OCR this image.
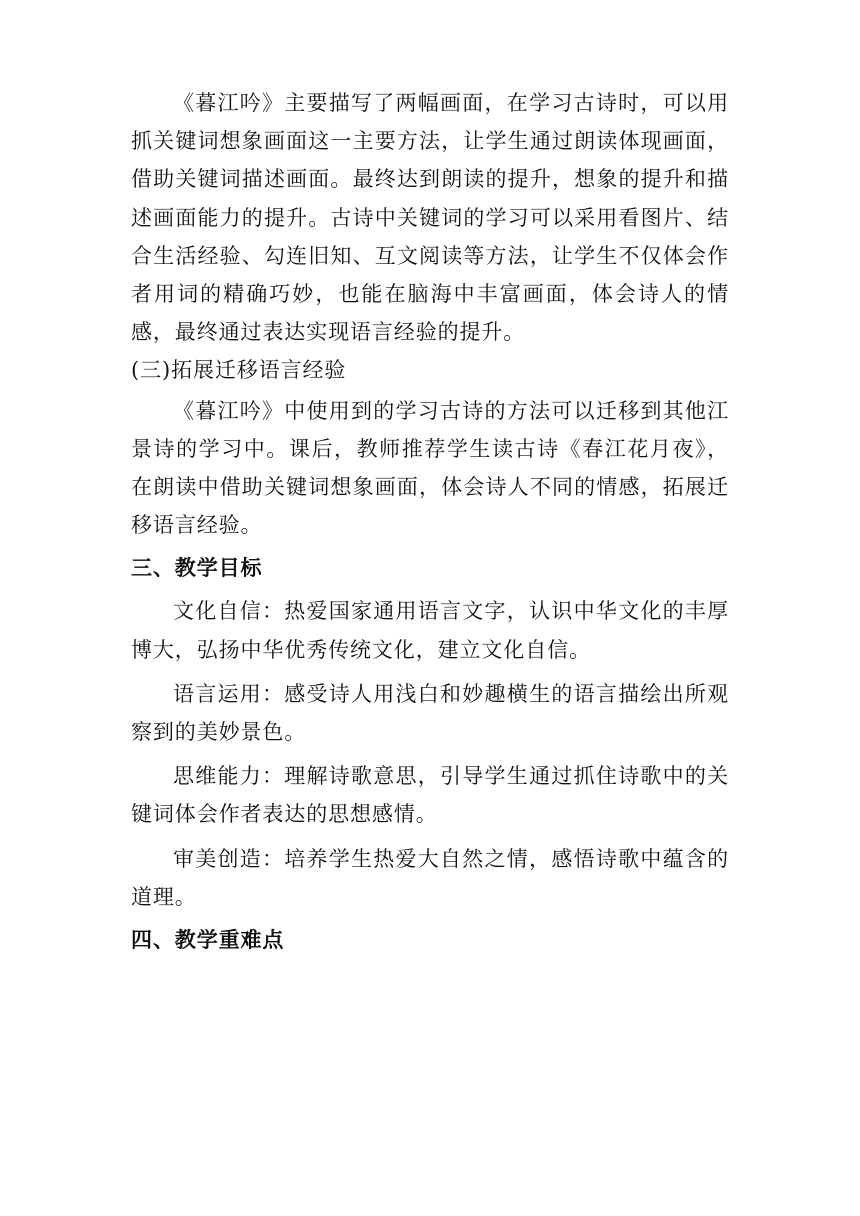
《暮江吟》主要描写了两幅画面，在学习古诗时，可以用抓关键词想象画面这一主要方法，让学生通过朗读体现画面，借助关键词描述画面。最终达到朗读的提升，想象的提升和描述画面能力的提升。古诗中关键词的学习可以采用看图片、结合生活经验、勾连旧知、互文阅读等方法，让学生不仅体会作者用词的精确巧妙，也能在脑海中丰富画面，体会诗人的情感，最终通过表达实现语言经验的提升。

(三)拓展迁移语言经验

《暮江吟》中使用到的学习古诗的方法可以迁移到其他江景诗的学习中。课后，教师推荐学生读古诗《春江花月夜》，在朗读中借助关键词想象画面，体会诗人不同的情感，拓展迁移语言经验。

三、教学目标

文化自信：热爱国家通用语言文字，认识中华文化的丰厚博大，弘扬中华优秀传统文化，建立文化自信。

语言运用：感受诗人用浅白和妙趣横生的语言描绘出所观察到的美妙景色。

思维能力：理解诗歌意思，引导学生通过抓住诗歌中的关键词体会作者表达的思想感情。

审美创造：培养学生热爱大自然之情，感悟诗歌中蕴含的道理。

四、教学重难点
